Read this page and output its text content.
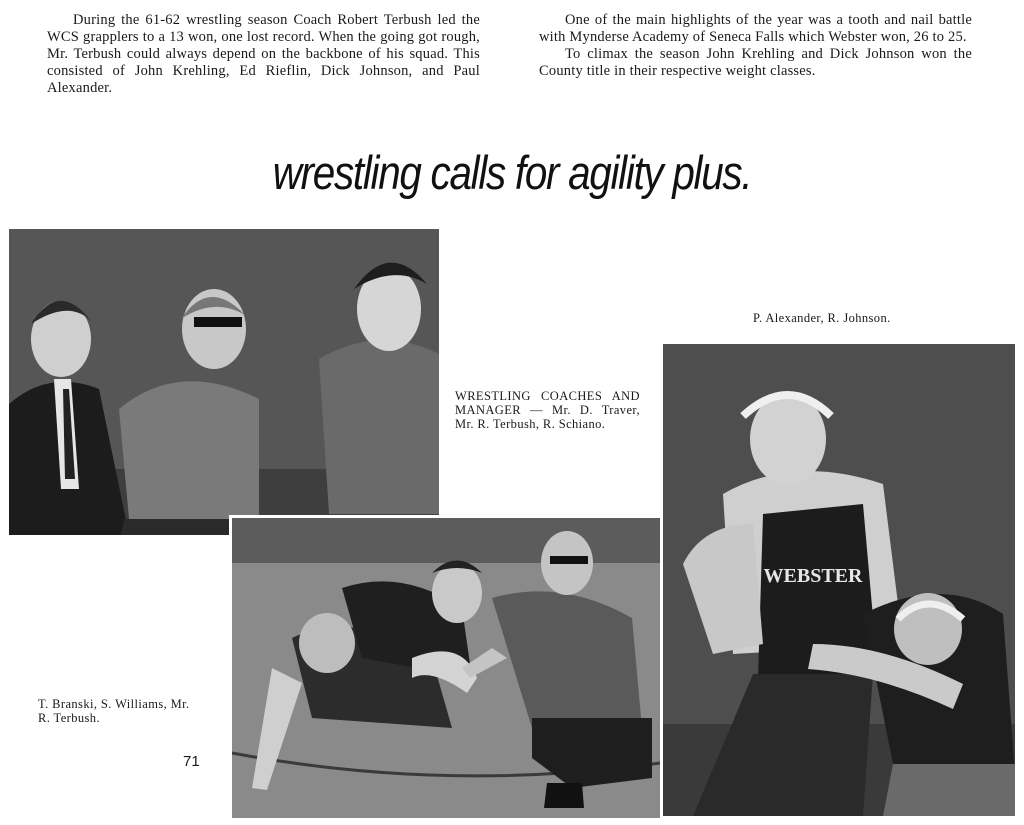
During the 61-62 wrestling season Coach Robert Terbush led the WCS grapplers to a 13 won, one lost record. When the going got rough, Mr. Terbush could always depend on the backbone of his squad. This consisted of John Krehling, Ed Rieflin, Dick Johnson, and Paul Alexander.

One of the main highlights of the year was a tooth and nail battle with Mynderse Academy of Seneca Falls which Webster won, 26 to 25.

To climax the season John Krehling and Dick Johnson won the County title in their respective weight classes.

wrestling calls for agility plus.
WRESTLING COACHES AND MANAGER — Mr. D. Traver, Mr. R. Terbush, R. Schiano.
P. Alexander, R. Johnson.
T. Branski, S. Williams, Mr. R. Terbush.
71
WEBSTER
